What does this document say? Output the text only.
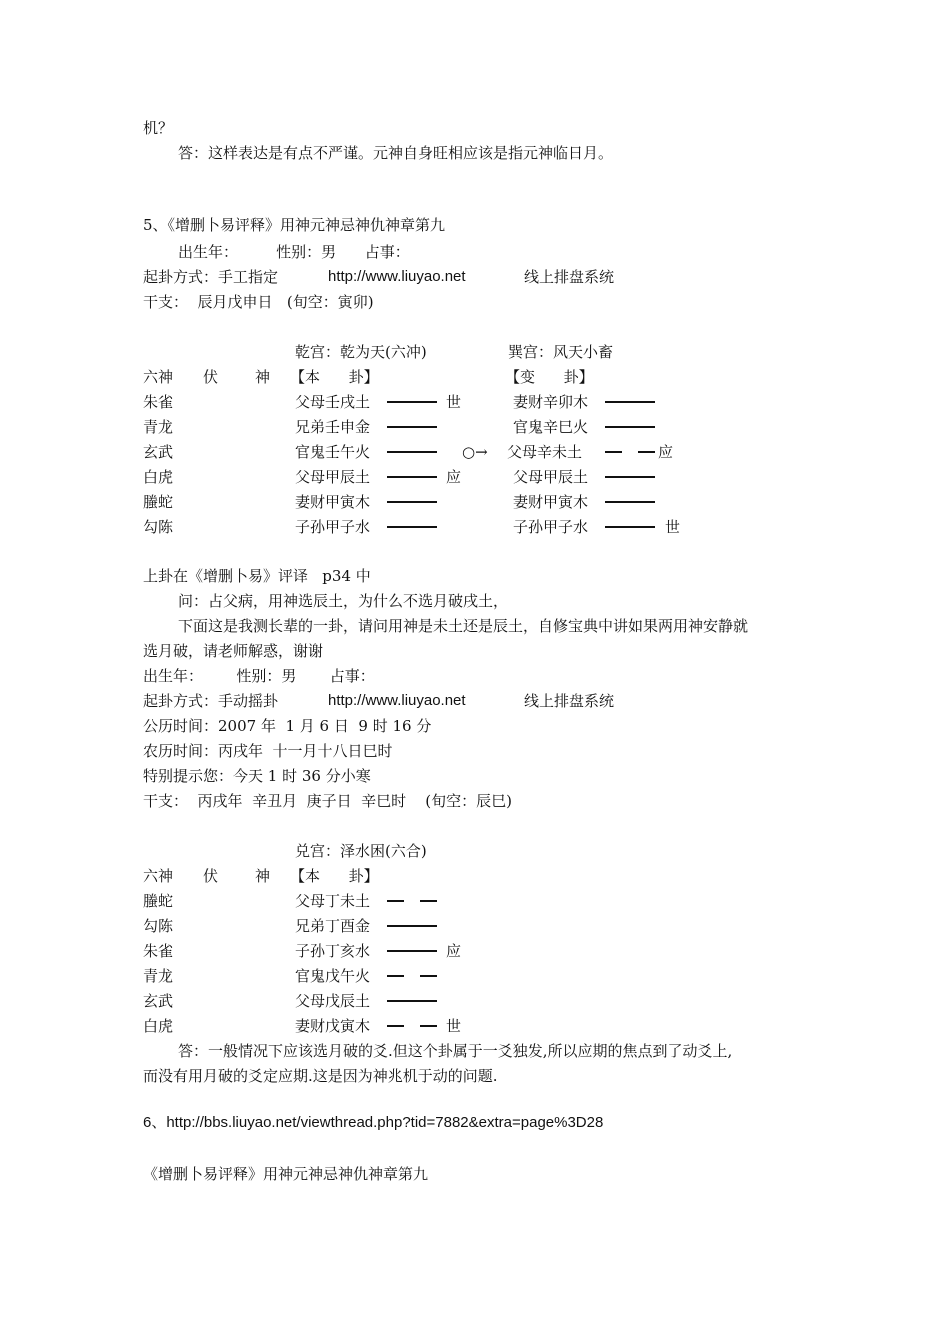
机？
答：这样表达是有点不严谨。元神自身旺相应该是指元神临日月。
5、《增删卜易评释》用神元神忌神仇神章第九
出生年：        性别：男      占事：
起卦方式：手工指定	http://www.liuyao.net	线上排盘系统
干支：  辰月戊申日   (旬空：寅卯)
乾宫：乾为天(六冲)	巽宫：风天小畜
六神 伏 神 【本      卦】	【变      卦】
朱雀	父母壬戌土	世	妻财辛卯木
青龙	兄弟壬申金	官鬼辛巳火
玄武	官鬼壬午火	○→ 父母辛未土	应
白虎	父母甲辰土	应	父母甲辰土
螣蛇	妻财甲寅木	妻财甲寅木
勾陈	子孙甲子水	子孙甲子水	世
上卦在《增删卜易》评译   p34 中
问：占父病，用神选辰土，为什么不选月破戌土，
下面这是我测长辈的一卦，请问用神是未土还是辰土，自修宝典中讲如果两用神安静就
选月破，请老师解惑，谢谢
出生年：       性别：男       占事：
起卦方式：手动摇卦	http://www.liuyao.net	线上排盘系统
公历时间：2007 年  1 月 6 日  9 时 16 分
农历时间：丙戌年  十一月十八日巳时
特别提示您：今天 1 时 36 分小寒
干支：  丙戌年  辛丑月  庚子日  辛巳时    (旬空：辰巳)
兑宫：泽水困(六合)
六神 伏 神 【本      卦】
螣蛇	父母丁未土
勾陈	兄弟丁酉金
朱雀	子孙丁亥水	应
青龙	官鬼戊午火
玄武	父母戊辰土
白虎	妻财戊寅木	世
答：一般情况下应该选月破的爻.但这个卦属于一爻独发,所以应期的焦点到了动爻上,
而没有用月破的爻定应期.这是因为神兆机于动的问题.
6、http://bbs.liuyao.net/viewthread.php?tid=7882&extra=page%3D28
《增删卜易评释》用神元神忌神仇神章第九
